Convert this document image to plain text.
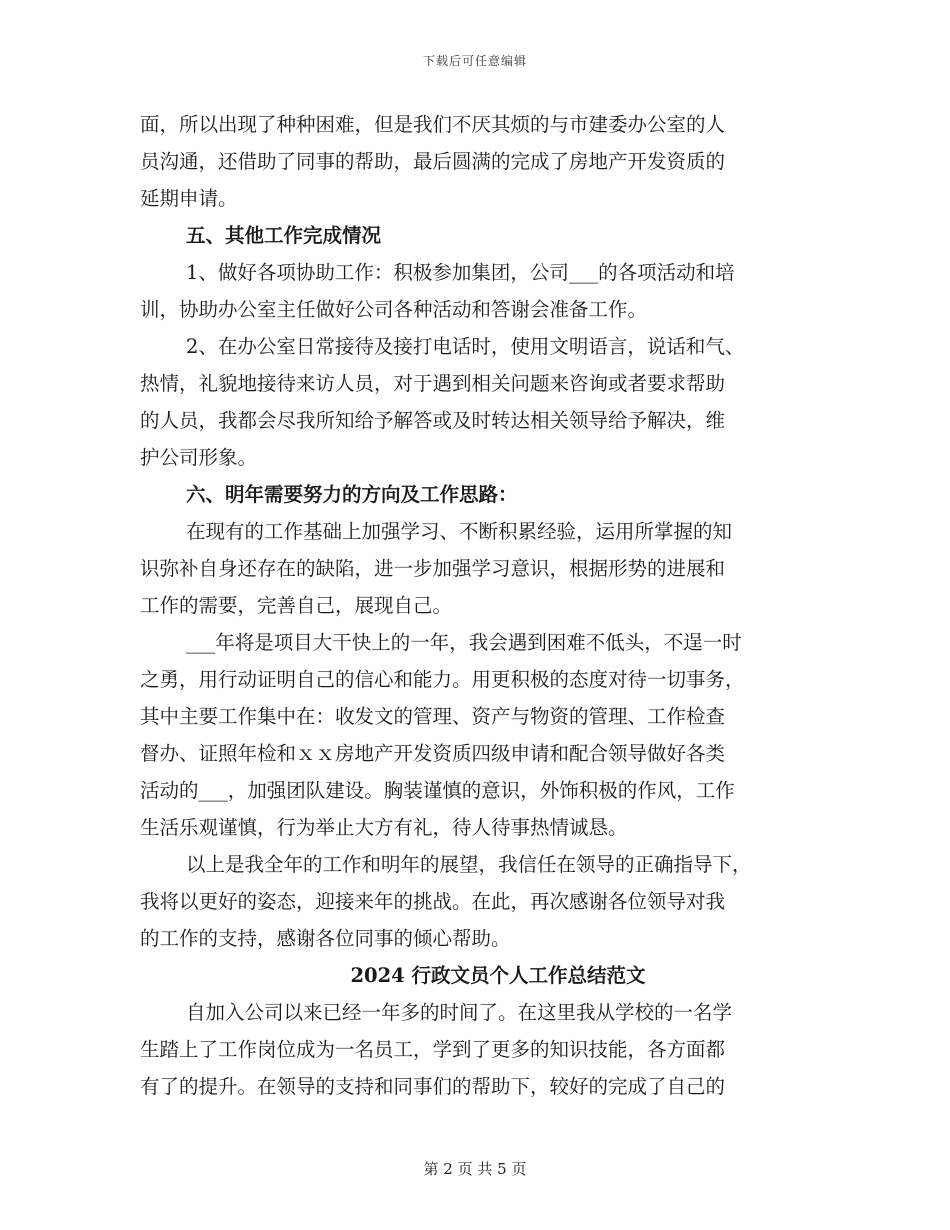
下载后可任意编辑
面，所以出现了种种困难，但是我们不厌其烦的与市建委办公室的人
员沟通，还借助了同事的帮助，最后圆满的完成了房地产开发资质的
延期申请。
五、其他工作完成情况
1、做好各项协助工作：积极参加集团，公司___的各项活动和培
训，协助办公室主任做好公司各种活动和答谢会准备工作。
2、在办公室日常接待及接打电话时，使用文明语言，说话和气、
热情，礼貌地接待来访人员，对于遇到相关问题来咨询或者要求帮助
的人员，我都会尽我所知给予解答或及时转达相关领导给予解决，维
护公司形象。
六、明年需要努力的方向及工作思路：
在现有的工作基础上加强学习、不断积累经验，运用所掌握的知
识弥补自身还存在的缺陷，进一步加强学习意识，根据形势的进展和
工作的需要，完善自己，展现自己。
___年将是项目大干快上的一年，我会遇到困难不低头，不逞一时
之勇，用行动证明自己的信心和能力。用更积极的态度对待一切事务，
其中主要工作集中在：收发文的管理、资产与物资的管理、工作检查
督办、证照年检和ｘｘ房地产开发资质四级申请和配合领导做好各类
活动的___，加强团队建设。胸装谨慎的意识，外饰积极的作风，工作
生活乐观谨慎，行为举止大方有礼，待人待事热情诚恳。
以上是我全年的工作和明年的展望，我信任在领导的正确指导下，
我将以更好的姿态，迎接来年的挑战。在此，再次感谢各位领导对我
的工作的支持，感谢各位同事的倾心帮助。
2024 行政文员个人工作总结范文
自加入公司以来已经一年多的时间了。在这里我从学校的一名学
生踏上了工作岗位成为一名员工，学到了更多的知识技能，各方面都
有了的提升。在领导的支持和同事们的帮助下，较好的完成了自己的
第 2 页 共 5 页
